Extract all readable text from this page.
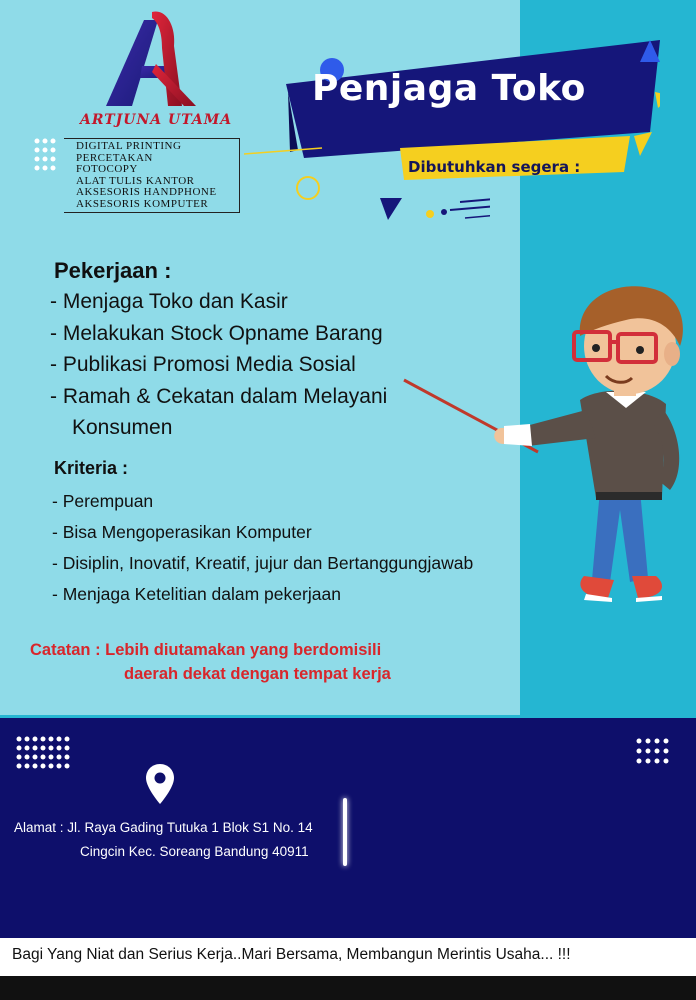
ARTJUNA UTAMA
DIGITAL PRINTING
PERCETAKAN
FOTOCOPY
ALAT TULIS KANTOR
AKSESORIS HANDPHONE
AKSESORIS KOMPUTER
Penjaga Toko
Dibutuhkan segera :
Pekerjaan :
- Menjaga Toko dan Kasir
- Melakukan Stock Opname Barang
- Publikasi Promosi Media Sosial
- Ramah & Cekatan dalam Melayani
Konsumen
Kriteria :
- Perempuan
- Bisa Mengoperasikan Komputer
- Disiplin, Inovatif, Kreatif, jujur dan Bertanggungjawab
- Menjaga Ketelitian dalam pekerjaan
Catatan : Lebih diutamakan yang berdomisili
daerah dekat dengan tempat kerja
Alamat : Jl. Raya Gading Tutuka 1 Blok S1 No. 14
Cingcin Kec. Soreang Bandung 40911
Bagi Yang Niat dan Serius Kerja..Mari Bersama, Membangun Merintis Usaha... !!!
